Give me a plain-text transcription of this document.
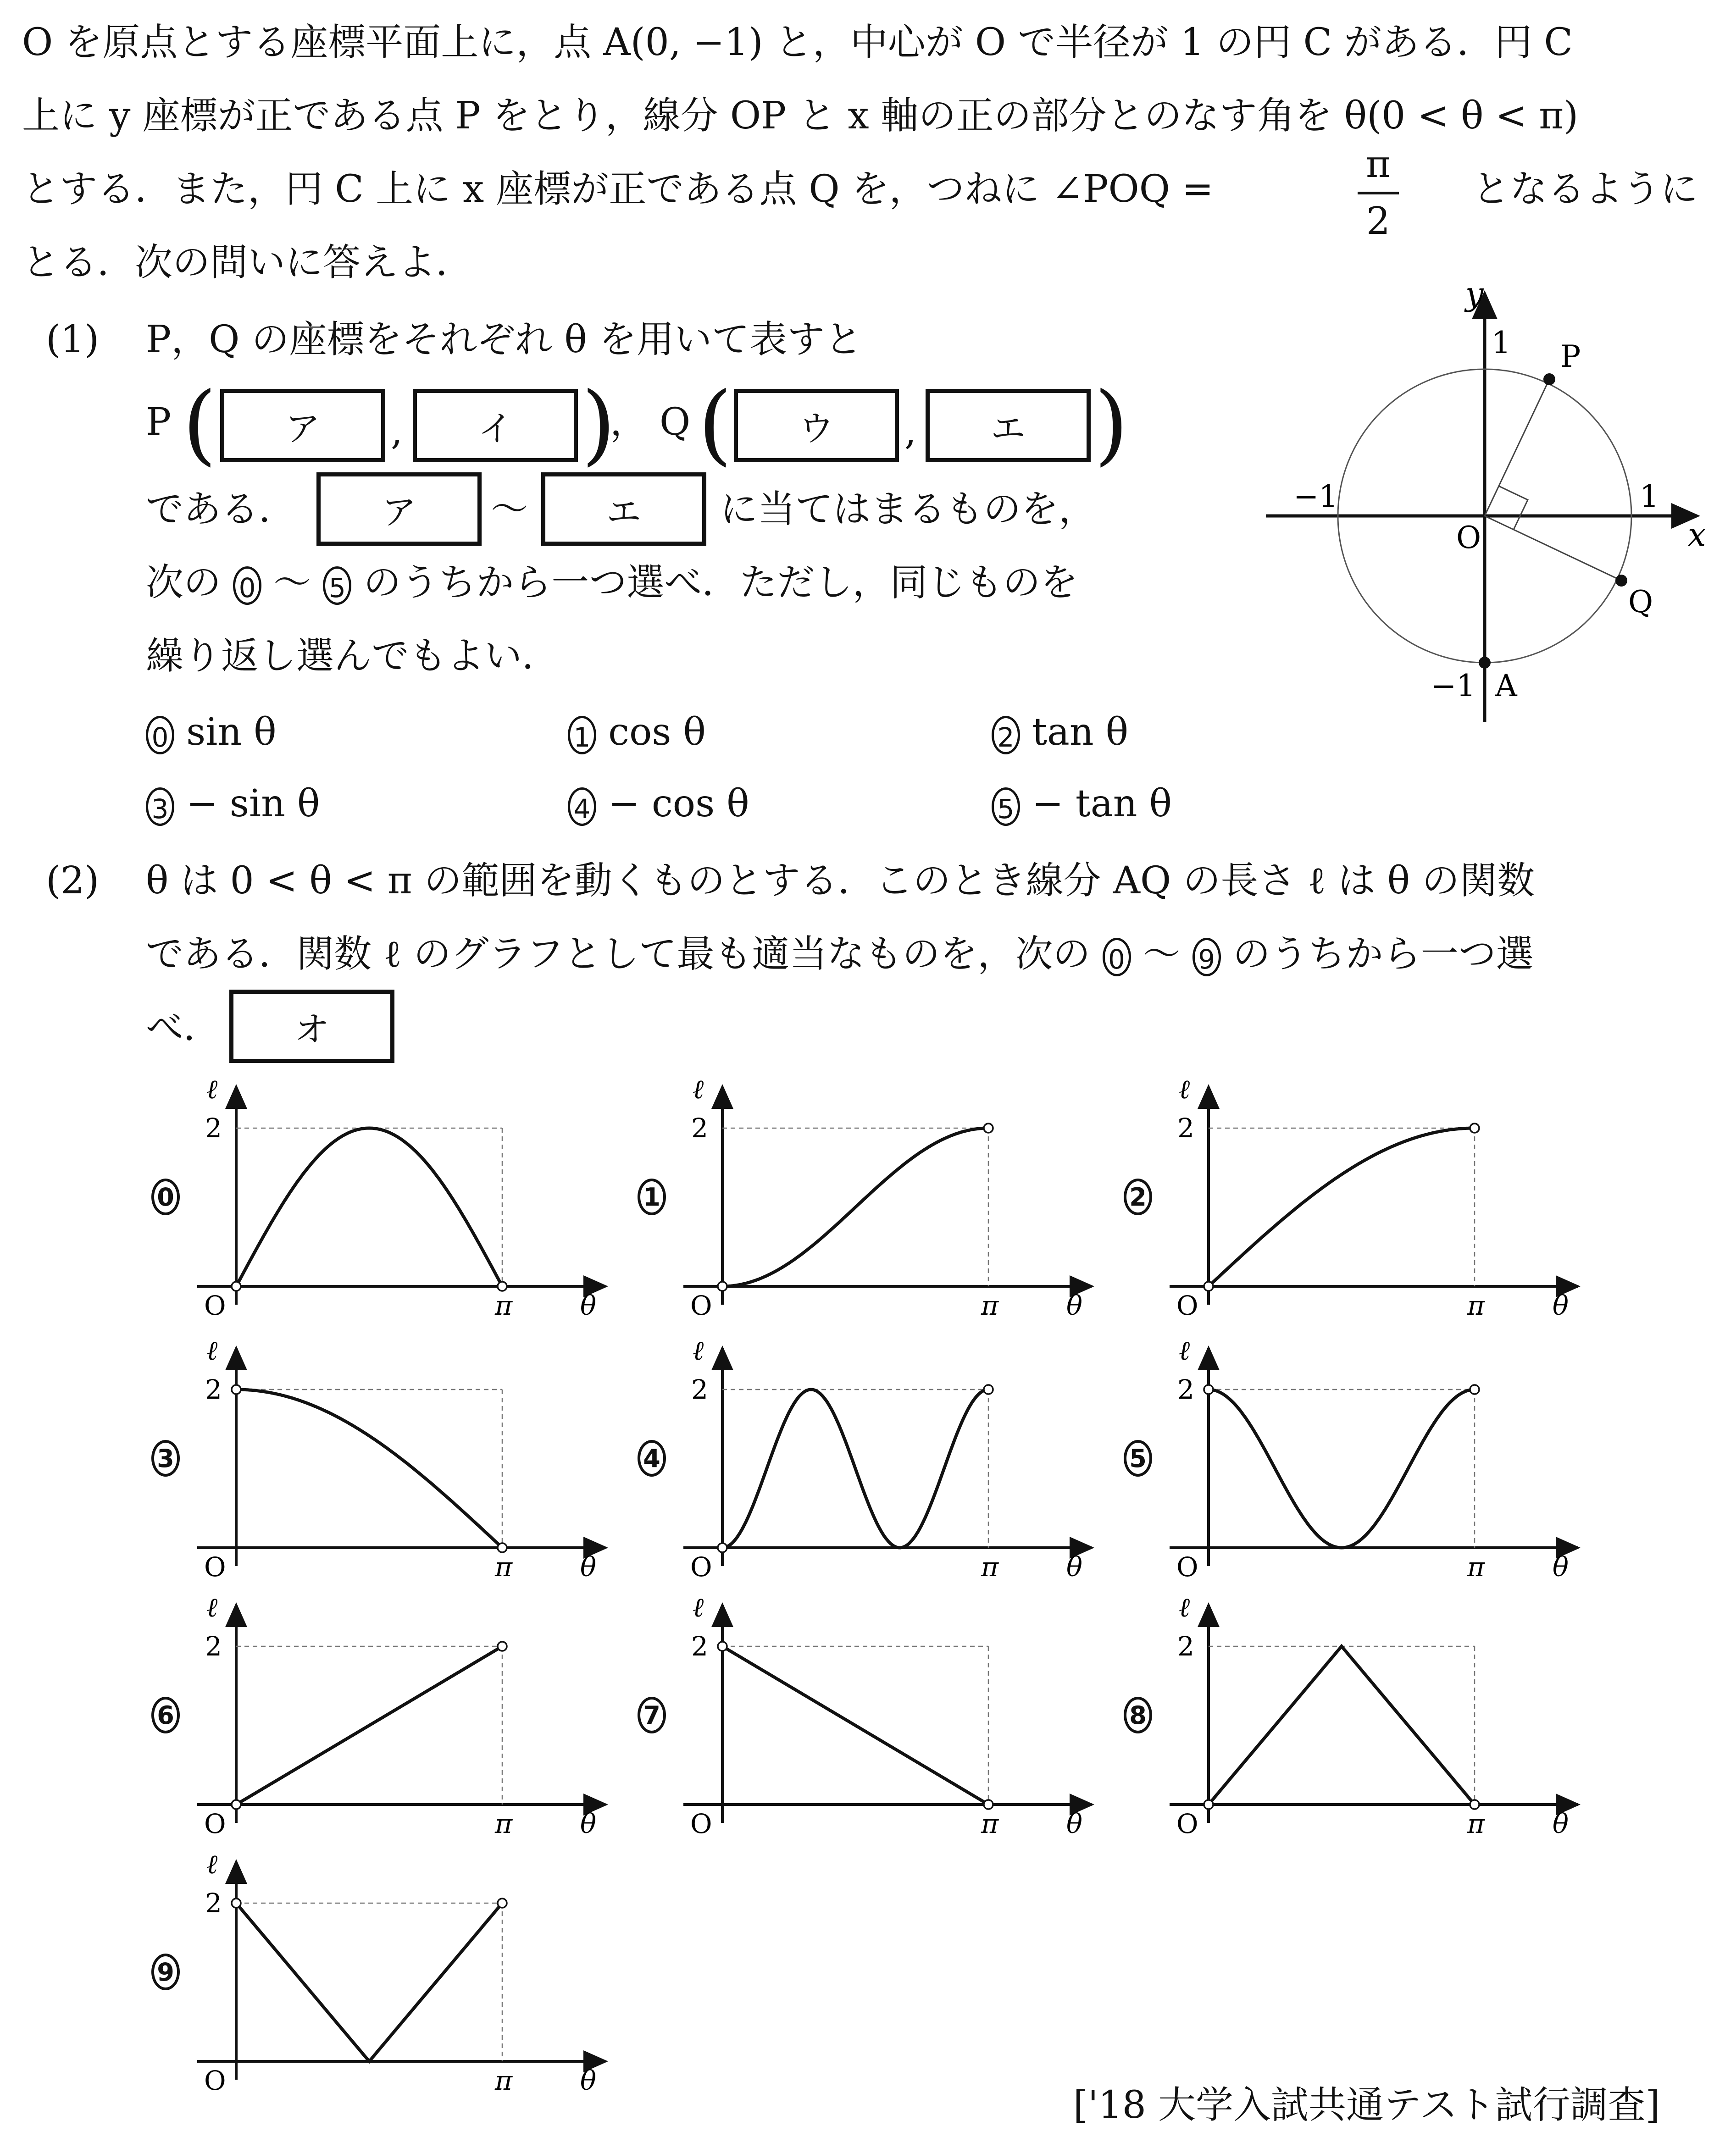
O を原点とする座標平面上に，点 A(0, −1) と，中心が O で半径が 1 の円 C がある．円 C
上に y 座標が正である点 P をとり，線分 OP と x 軸の正の部分とのなす角を θ(0 < θ < π)
とする．また，円 C 上に x 座標が正である点 Q を，つねに ∠POQ =
π
2
となるように
とる．次の問いに答えよ．
(1) P，Q の座標をそれぞれ θ を用いて表すと
P (	ア	,	イ )
， Q (	ウ	,	エ )
である．	ア	〜	エ	に当てはまるものを，
次の 0 〜 5 のうちから一つ選べ．ただし，同じものを
繰り返し選んでもよい．
0 sin θ	1 cos θ	2 tan θ
3 − sin θ	4 − cos θ	5 − tan θ
y
x
O
1
1
−1
−1
P
Q
A
(2) θ は 0 < θ < π の範囲を動くものとする．このとき線分 AQ の長さ ℓ は θ の関数
である．関数 ℓ のグラフとして最も適当なものを，次の 0 〜 9 のうちから一つ選
べ．	オ
0
ℓ
2
O	π	θ
1
ℓ
2
O	π	θ
2
ℓ
2
O	π	θ
3
ℓ
2
O	π	θ
4
ℓ
2
O	π	θ
5
ℓ
2
O	π	θ
6
ℓ
2
O	π	θ
7
ℓ
2
O	π	θ
8
ℓ
2
O	π	θ
9
ℓ
2
O	π	θ
['18 大学入試共通テスト試行調査]
